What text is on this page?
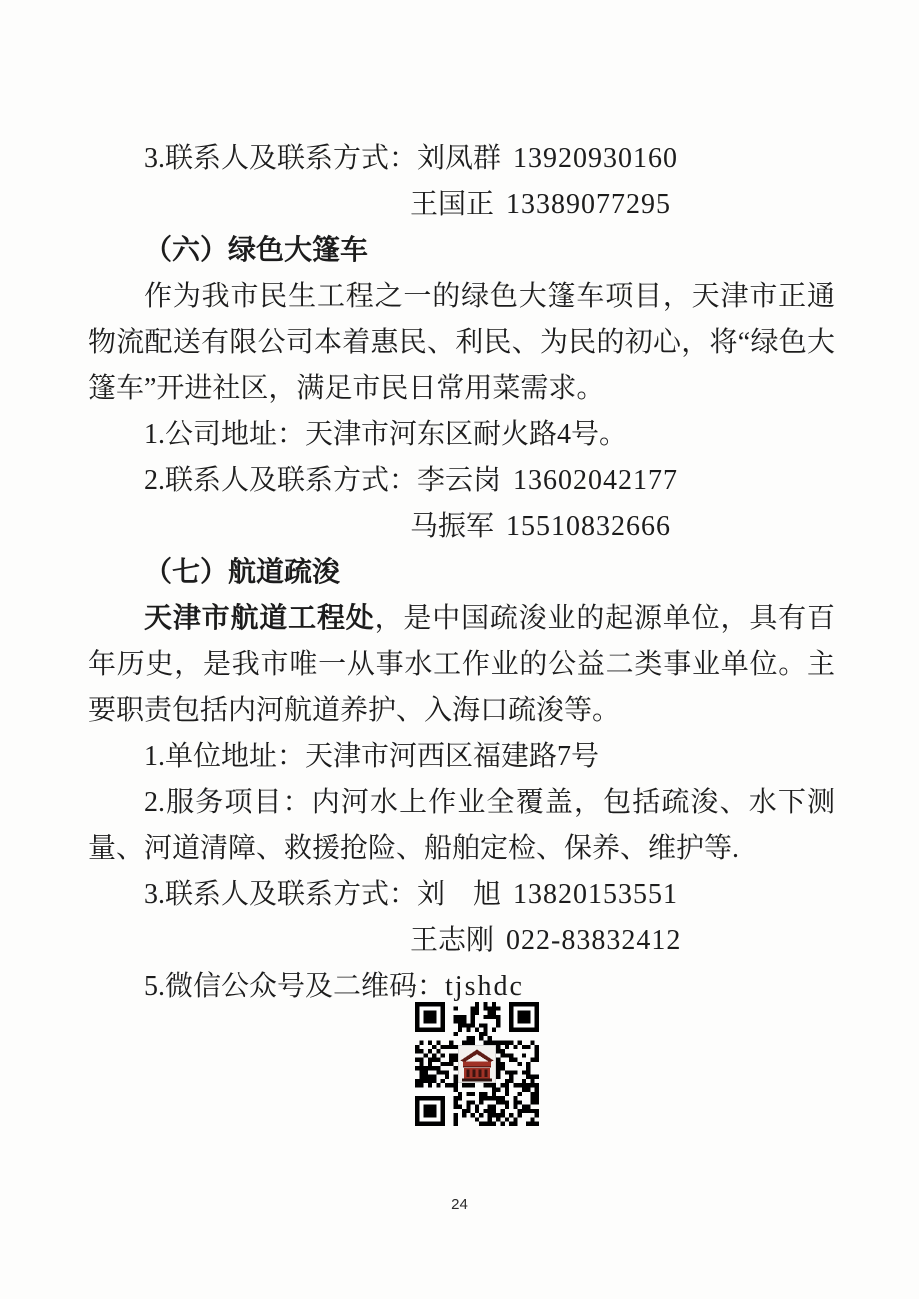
3.联系人及联系方式：刘凤群 13920930160

王国正 13389077295

（六）绿色大篷车

作为我市民生工程之一的绿色大篷车项目，天津市正通物流配送有限公司本着惠民、利民、为民的初心，将“绿色大篷车”开进社区，满足市民日常用菜需求。

1.公司地址：天津市河东区耐火路4号。

2.联系人及联系方式：李云岗 13602042177

马振军 15510832666

（七）航道疏浚

天津市航道工程处，是中国疏浚业的起源单位，具有百年历史，是我市唯一从事水工作业的公益二类事业单位。主要职责包括内河航道养护、入海口疏浚等。

1.单位地址：天津市河西区福建路7号

2.服务项目：内河水上作业全覆盖，包括疏浚、水下测量、河道清障、救援抢险、船舶定检、保养、维护等.

3.联系人及联系方式：刘　旭 13820153551

王志刚 022-83832412

5.微信公众号及二维码：tjshdc

24
